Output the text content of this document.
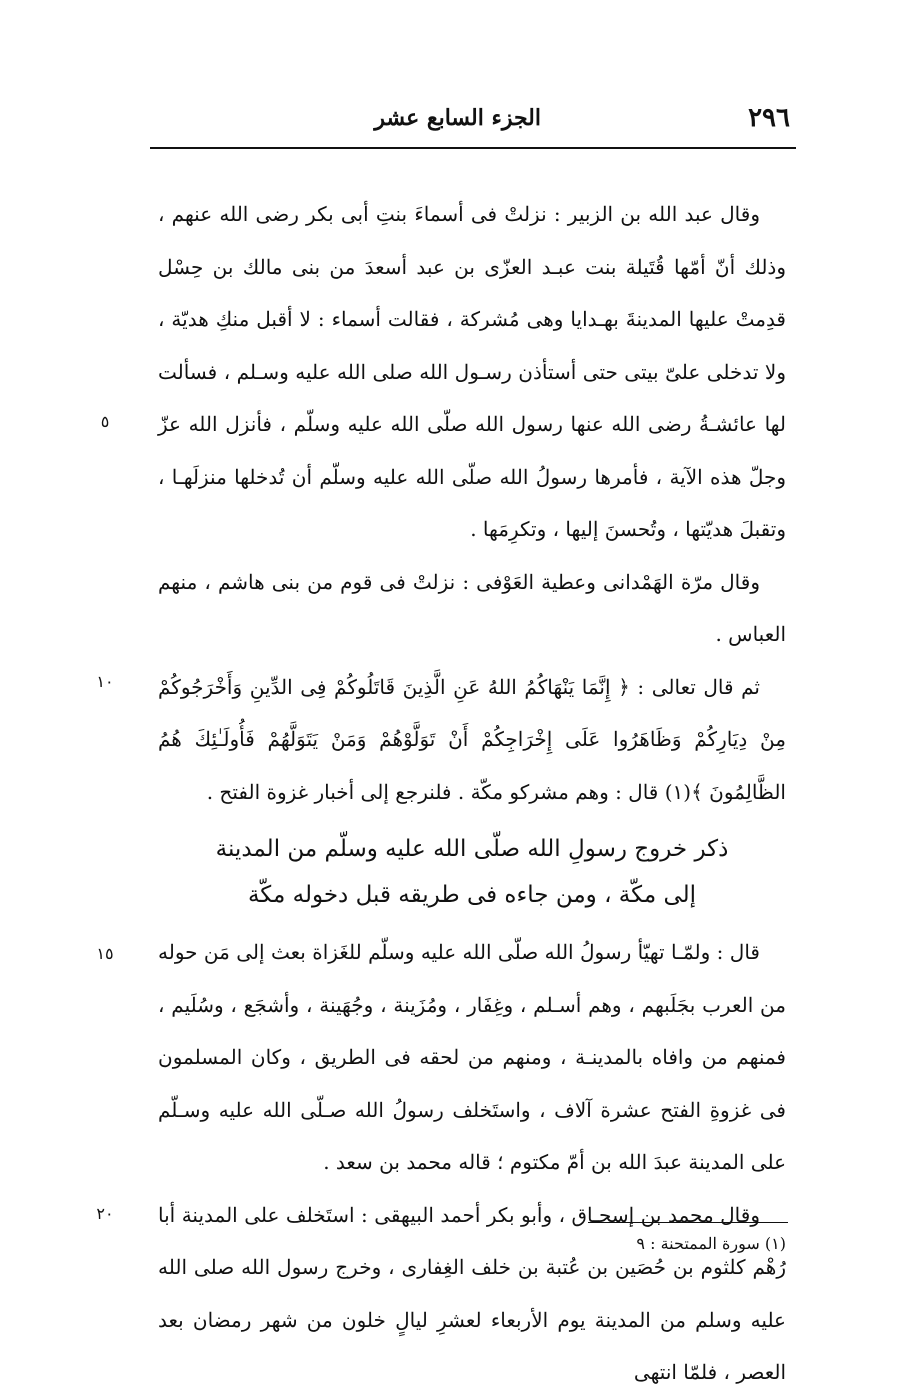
٢٩٦
الجزء السابع عشر

وقال عبد الله بن الزبير : نزلتْ فى أسماءَ بنتِ أبى بكر رضى الله عنهم ، وذلك أنّ أمّها قُتَيلة بنت عبـد العزّى بن عبد أسعدَ من بنى مالك بن حِسْل قدِمتْ عليها المدينةَ بهـدايا وهى مُشركة ، فقالت أسماء : لا أقبل منكِ هديّة ، ولا تدخلى علىّ بيتى حتى أستأذن رسـول الله صلى الله عليه وسـلم ، فسألت لها عائشـةُ رضى الله عنها رسول الله صلّى الله عليه وسلّم ، فأنزل الله عزّ وجلّ هذه الآية ، فأمرها رسولُ الله صلّى الله عليه وسلّم أن تُدخلها منزلَهـا ، وتقبلَ هديّتها ، وتُحسنَ إليها ، وتكرِمَها .

وقال مرّة الهَمْدانى وعطية العَوْفى : نزلتْ فى قوم من بنى هاشم ، منهم العباس .

ثم قال تعالى : ﴿ إِنَّمَا يَنْهَاكُمُ اللهُ عَنِ الَّذِينَ قَاتَلُوكُمْ فِى الدِّينِ وَأَخْرَجُوكُمْ مِنْ دِيَارِكُمْ وَظَاهَرُوا عَلَى إِخْرَاجِكُمْ أَنْ تَوَلَّوْهُمْ وَمَنْ يَتَوَلَّهُمْ فَأُولَـٰئِكَ هُمُ الظَّالِمُونَ ﴾(١) قال : وهم مشركو مكّة . فلنرجع إلى أخبار غزوة الفتح .

ذكر خروج رسولِ الله صلّى الله عليه وسلّم من المدينة
إلى مكّة ، ومن جاءه فى طريقه قبل دخوله مكّة

قال : ولمّـا تهيّأ رسولُ الله صلّى الله عليه وسلّم للغَزاة بعث إلى مَن حوله من العرب بجَلَبهم ، وهم أسـلم ، وغِفَار ، ومُزَينة ، وجُهَينة ، وأشجَع ، وسُلَيم ، فمنهم من وافاه بالمدينـة ، ومنهم من لحقه فى الطريق ، وكان المسلمون فى غزوةِ الفتح عشرة آلاف ، واستَخلف رسولُ الله صـلّى الله عليه وسـلّم على المدينة عبدَ الله بن أمّ مكتوم ؛ قاله محمد بن سعد .

وقال محمد بن إسحـاق ، وأبو بكر أحمد البيهقى : استَخلف على المدينة أبا رُهْم كلثوم بن حُصَين بن عُتبة بن خلف الغِفارى ، وخرج رسول الله صلى الله عليه وسلم من المدينة يوم الأربعاء لعشرِ ليالٍ خلون من شهر رمضان بعد العصر ، فلمّا انتهى

٥
١٠
١٥
٢٠
(١) سورة الممتحنة : ٩
